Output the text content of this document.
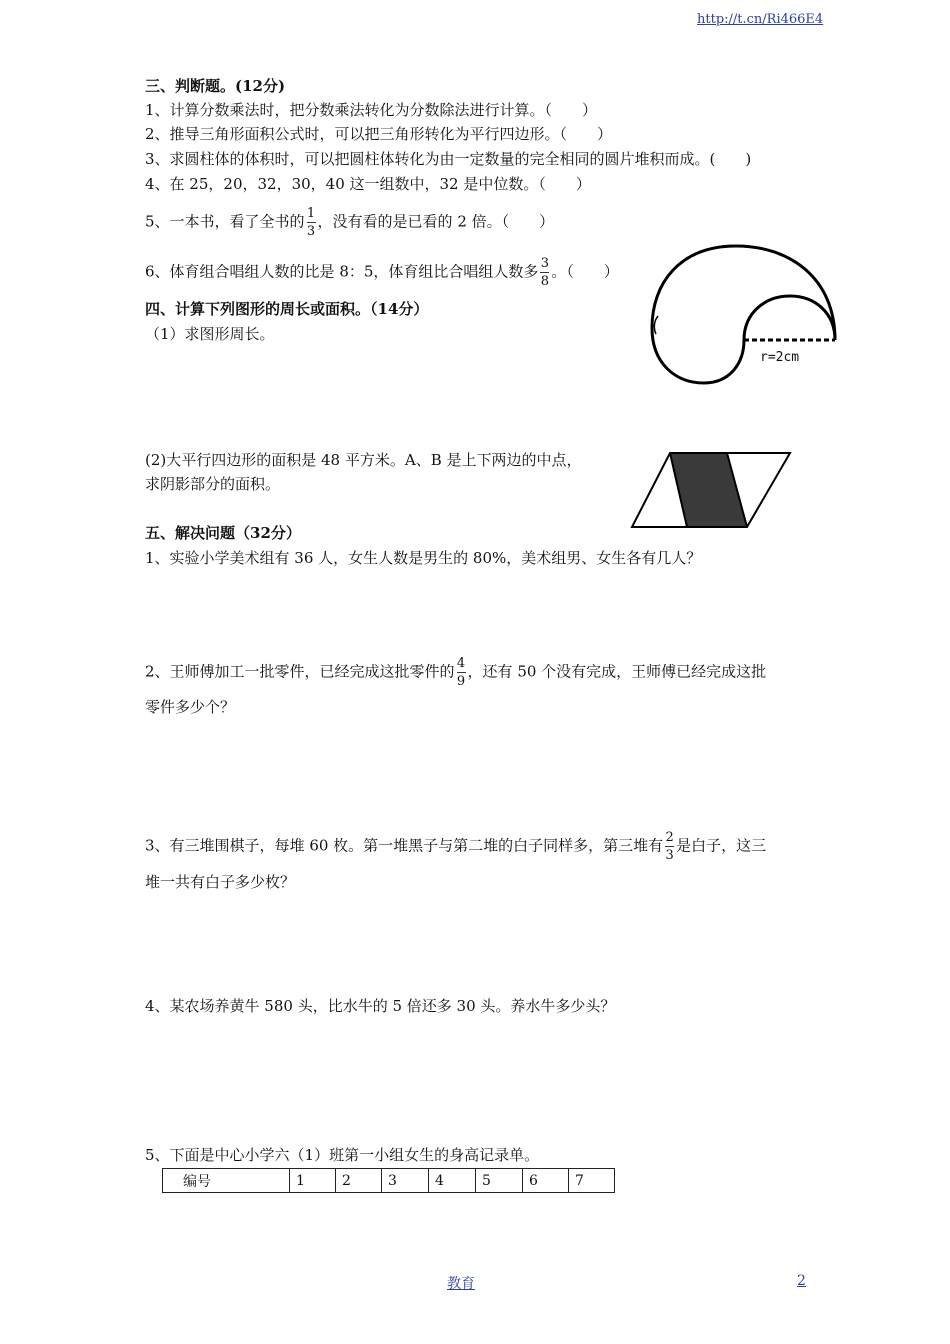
http://t.cn/Ri466E4
三、判断题。(12分)
1、计算分数乘法时，把分数乘法转化为分数除法进行计算。（　　）
2、推导三角形面积公式时，可以把三角形转化为平行四边形。（　　）
3、求圆柱体的体积时，可以把圆柱体转化为由一定数量的完全相同的圆片堆积而成。(　　)
4、在 25，20，32，30，40 这一组数中，32 是中位数。（　　）
5、一本书，看了全书的 $\frac{1}{3}$ ，没有看的是已看的 2 倍。（　　）
6、体育组合唱组人数的比是 8：5，体育组比合唱组人数多 $\frac{3}{8}$ 。（　　）
四、计算下列图形的周长或面积。（14分）
（1）求图形周长。
r=2cm
(2)大平行四边形的面积是 48 平方米。A、B 是上下两边的中点，
求阴影部分的面积。
五、解决问题（32分）
1、实验小学美术组有 36 人，女生人数是男生的 80%，美术组男、女生各有几人？
2、王师傅加工一批零件，已经完成这批零件的 $\frac{4}{9}$ ，还有 50 个没有完成，王师傅已经完成这批
零件多少个？
3、有三堆围棋子，每堆 60 枚。第一堆黑子与第二堆的白子同样多，第三堆有 $\frac{2}{3}$ 是白子，这三
堆一共有白子多少枚？
4、某农场养黄牛 580 头，比水牛的 5 倍还多 30 头。养水牛多少头？
5、下面是中心小学六（1）班第一小组女生的身高记录单。
编号	1	2	3	4	5	6	7
教育	2
